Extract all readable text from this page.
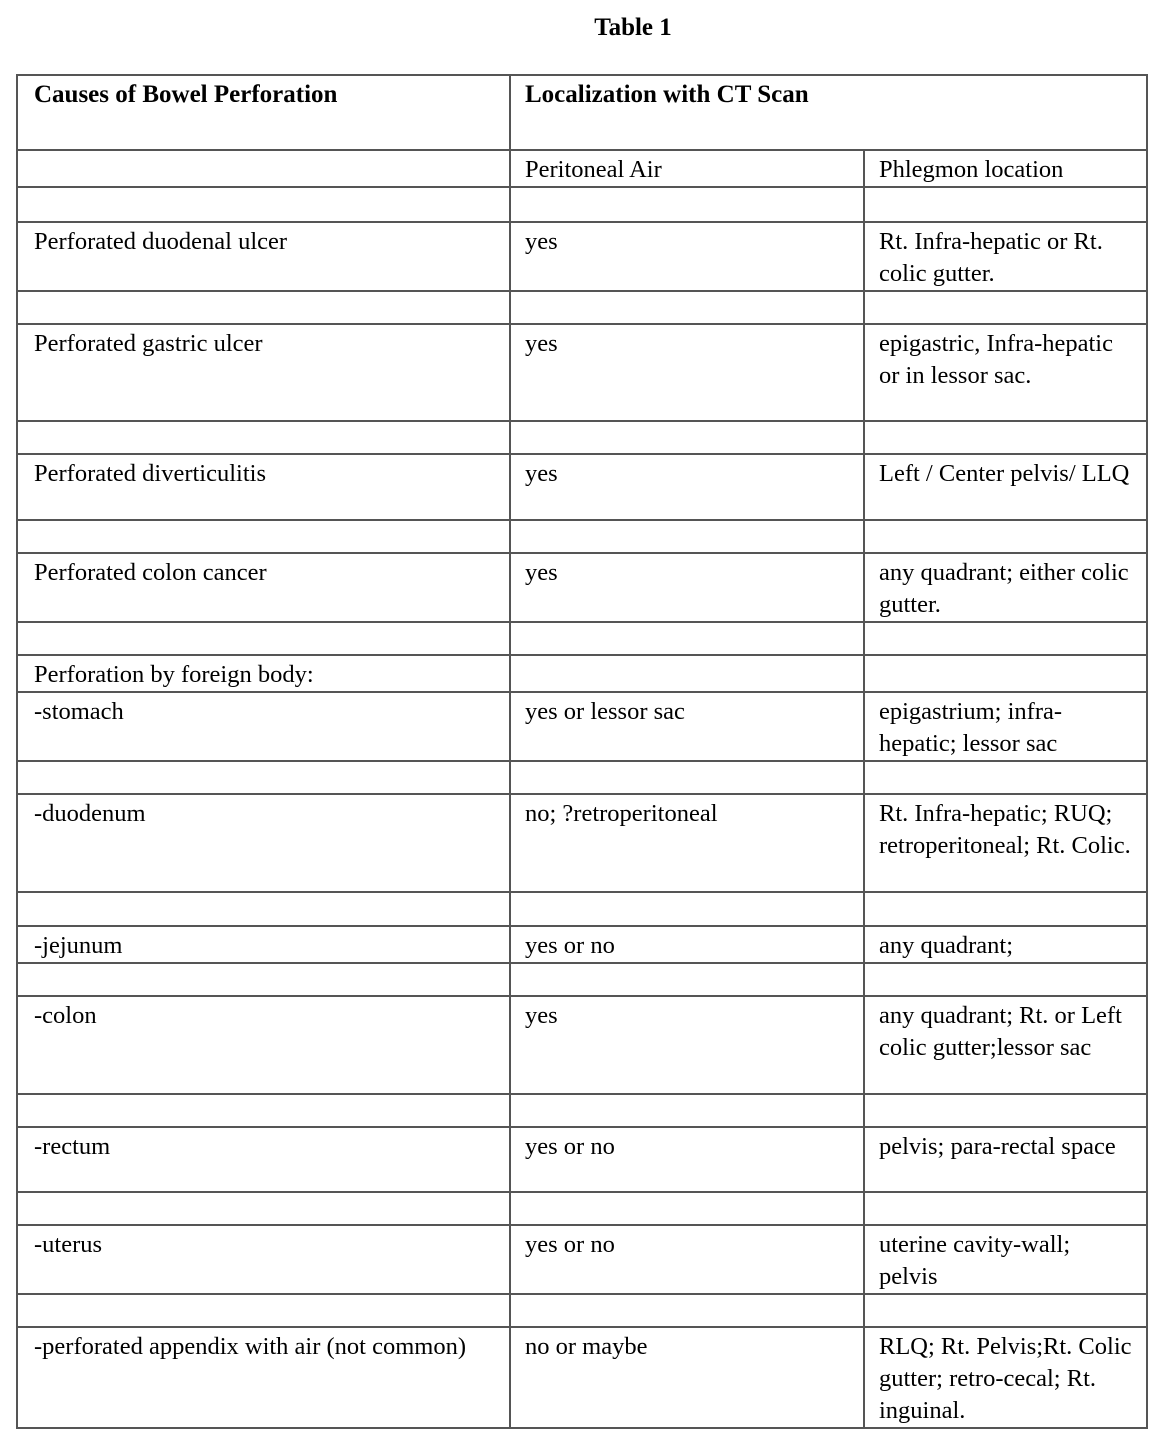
Table 1
Causes of Bowel Perforation	Localization with CT Scan	
	Peritoneal Air	Phlegmon location

Perforated duodenal ulcer	yes	Rt. Infra-hepatic or Rt. colic gutter.

Perforated gastric ulcer	yes	epigastric, Infra-hepatic or in lessor sac.

Perforated diverticulitis	yes	Left / Center pelvis/ LLQ

Perforated colon cancer	yes	any quadrant; either colic gutter.

Perforation by foreign body:		
-stomach	yes or lessor sac	epigastrium; infra-hepatic; lessor sac

-duodenum	no; ?retroperitoneal	Rt. Infra-hepatic; RUQ; retroperitoneal; Rt. Colic.

-jejunum	yes or no	any quadrant;

-colon	yes	any quadrant; Rt. or Left colic gutter;lessor sac

-rectum	yes or no	pelvis; para-rectal space

-uterus	yes or no	uterine cavity-wall; pelvis

-perforated appendix with air (not common)	no or maybe	RLQ; Rt. Pelvis;Rt. Colic gutter; retro-cecal; Rt. inguinal.
